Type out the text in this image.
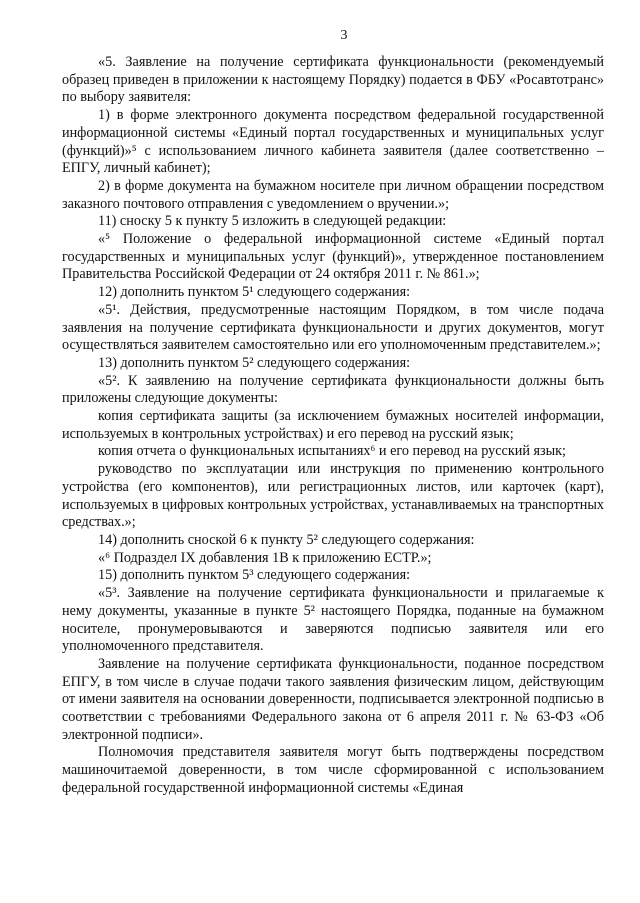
3

«5. Заявление на получение сертификата функциональности (рекомендуемый образец приведен в приложении к настоящему Порядку) подается в ФБУ «Росавтотранс» по выбору заявителя:

1) в форме электронного документа посредством федеральной государственной информационной системы «Единый портал государственных и муниципальных услуг (функций)»⁵ с использованием личного кабинета заявителя (далее соответственно – ЕПГУ, личный кабинет);

2) в форме документа на бумажном носителе при личном обращении посредством заказного почтового отправления с уведомлением о вручении.»;

11) сноску 5 к пункту 5 изложить в следующей редакции:

«⁵ Положение о федеральной информационной системе «Единый портал государственных и муниципальных услуг (функций)», утвержденное постановлением Правительства Российской Федерации от 24 октября 2011 г. № 861.»;

12) дополнить пунктом 5¹ следующего содержания:

«5¹. Действия, предусмотренные настоящим Порядком, в том числе подача заявления на получение сертификата функциональности и других документов, могут осуществляться заявителем самостоятельно или его уполномоченным представителем.»;

13) дополнить пунктом 5² следующего содержания:

«5². К заявлению на получение сертификата функциональности должны быть приложены следующие документы:

копия сертификата защиты (за исключением бумажных носителей информации, используемых в контрольных устройствах) и его перевод на русский язык;

копия отчета о функциональных испытаниях⁶ и его перевод на русский язык;

руководство по эксплуатации или инструкция по применению контрольного устройства (его компонентов), или регистрационных листов, или карточек (карт), используемых в цифровых контрольных устройствах, устанавливаемых на транспортных средствах.»;

14) дополнить сноской 6 к пункту 5² следующего содержания:

«⁶ Подраздел IX добавления 1В к приложению ЕСТР.»;

15) дополнить пунктом 5³ следующего содержания:

«5³. Заявление на получение сертификата функциональности и прилагаемые к нему документы, указанные в пункте 5² настоящего Порядка, поданные на бумажном носителе, пронумеровываются и заверяются подписью заявителя или его уполномоченного представителя.

Заявление на получение сертификата функциональности, поданное посредством ЕПГУ, в том числе в случае подачи такого заявления физическим лицом, действующим от имени заявителя на основании доверенности, подписывается электронной подписью в соответствии с требованиями Федерального закона от 6 апреля 2011 г. № 63-ФЗ «Об электронной подписи».

Полномочия представителя заявителя могут быть подтверждены посредством машиночитаемой доверенности, в том числе сформированной с использованием федеральной государственной информационной системы «Единая
